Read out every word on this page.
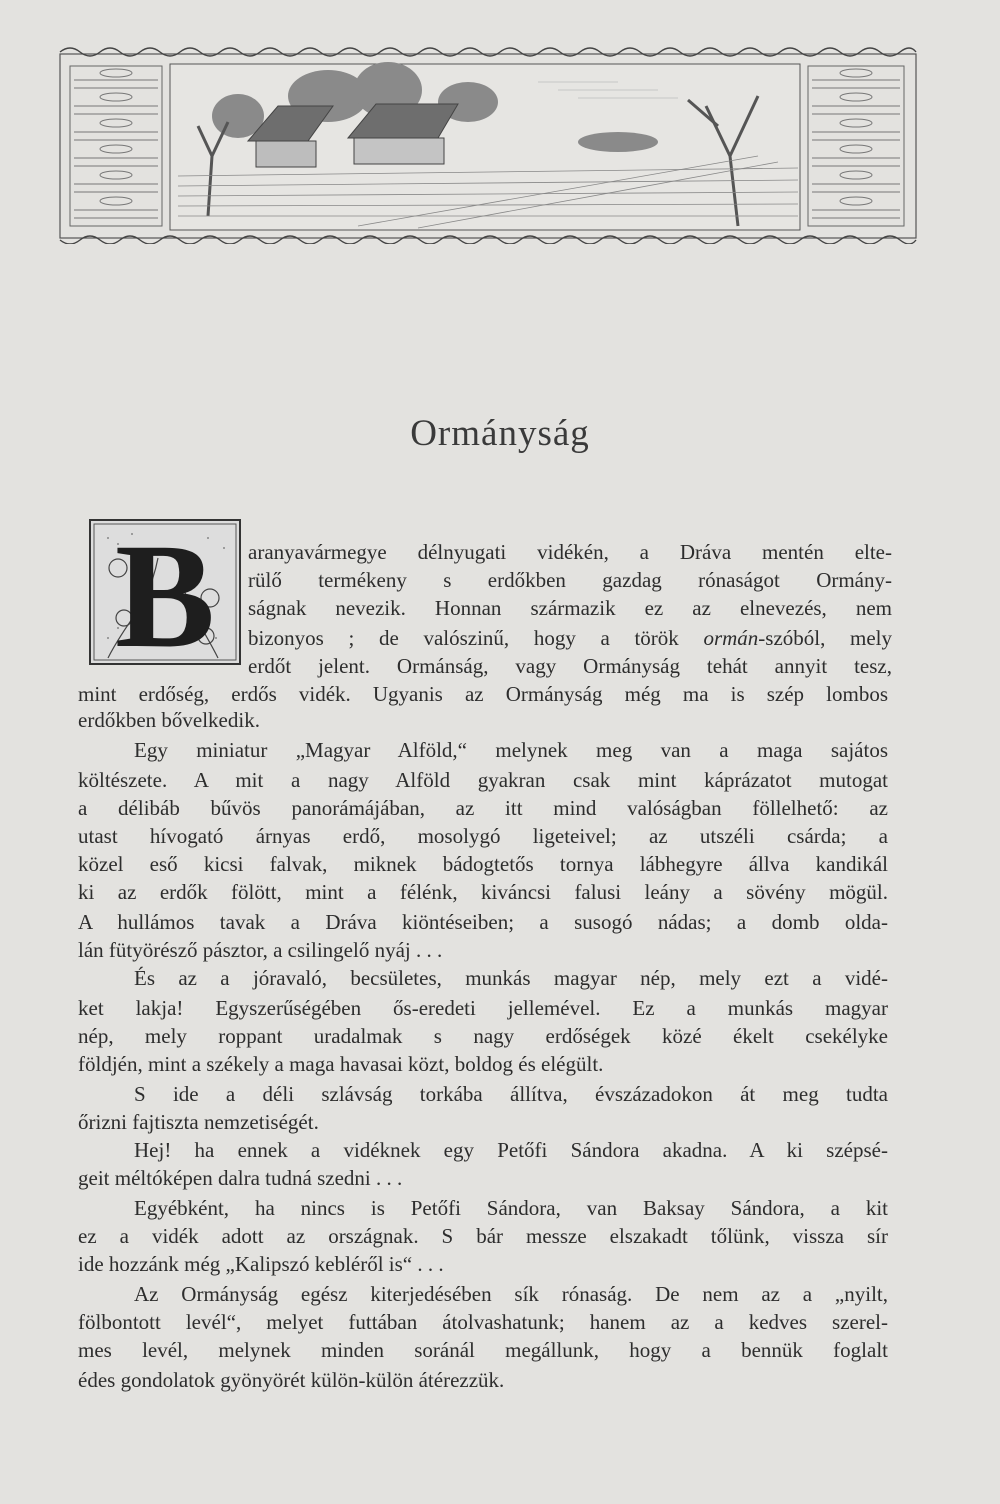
Ormányság
B aranyavármegye délnyugati vidékén, a Dráva mentén elte-
rülő termékeny s erdőkben gazdag rónaságot Ormány-
ságnak nevezik. Honnan származik ez az elnevezés, nem
bizonyos ; de valószinű, hogy a török ormán-szóból, mely
erdőt jelent. Ormánság, vagy Ormányság tehát annyit tesz,
mint erdőség, erdős vidék. Ugyanis az Ormányság még ma is szép lombos
erdőkben bővelkedik.
Egy miniatur „Magyar Alföld,“ melynek meg van a maga sajátos
költészete. A mit a nagy Alföld gyakran csak mint káprázatot mutogat
a délibáb bűvös panorámájában, az itt mind valóságban föllelhető: az
utast hívogató árnyas erdő, mosolygó ligeteivel; az utszéli csárda; a
közel eső kicsi falvak, miknek bádogtetős tornya lábhegyre állva kandikál
ki az erdők fölött, mint a félénk, kiváncsi falusi leány a sövény mögül.
A hullámos tavak a Dráva kiöntéseiben; a susogó nádas; a domb olda-
lán fütyörésző pásztor, a csilingelő nyáj . . .
És az a jóravaló, becsületes, munkás magyar nép, mely ezt a vidé-
ket lakja! Egyszerűségében ős-eredeti jellemével. Ez a munkás magyar
nép, mely roppant uradalmak s nagy erdőségek közé ékelt csekélyke
földjén, mint a székely a maga havasai közt, boldog és elégült.
S ide a déli szlávság torkába állítva, évszázadokon át meg tudta
őrizni fajtiszta nemzetiségét.
Hej! ha ennek a vidéknek egy Petőfi Sándora akadna. A ki szépsé-
geit méltóképen dalra tudná szedni . . .
Egyébként, ha nincs is Petőfi Sándora, van Baksay Sándora, a kit
ez a vidék adott az országnak. S bár messze elszakadt tőlünk, vissza sír
ide hozzánk még „Kalipszó kebléről is“ . . .
Az Ormányság egész kiterjedésében sík rónaság. De nem az a „nyilt,
fölbontott levél“, melyet futtában átolvashatunk; hanem az a kedves szerel-
mes levél, melynek minden soránál megállunk, hogy a bennük foglalt
édes gondolatok gyönyörét külön-külön átérezzük.
